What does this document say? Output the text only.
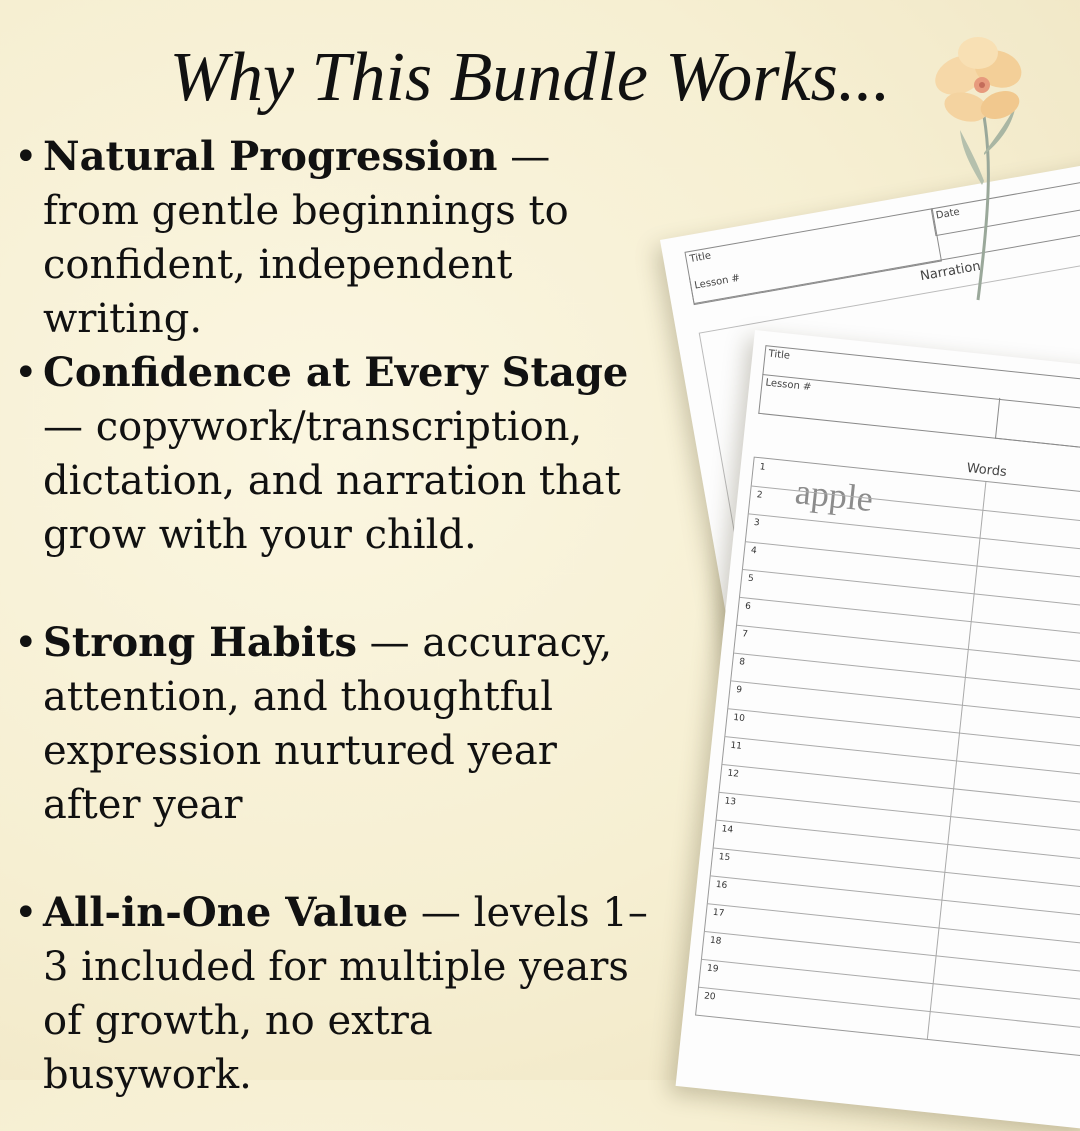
Why This Bundle Works...
• Natural Progression — from gentle beginnings to confident, independent writing.
• Confidence at Every Stage — copywork/transcription, dictation, and narration that grow with your child.
• Strong Habits — accuracy, attention, and thoughtful expression nurtured year after year
• All-in-One Value — levels 1–3 included for multiple years of growth, no extra busywork.
Title
Date
Lesson #	Narration
Title
Lesson #
Words
apple
1
2
3
4
5
6
7
8
9
10
11
12
13
14
15
16
17
18
19
20
